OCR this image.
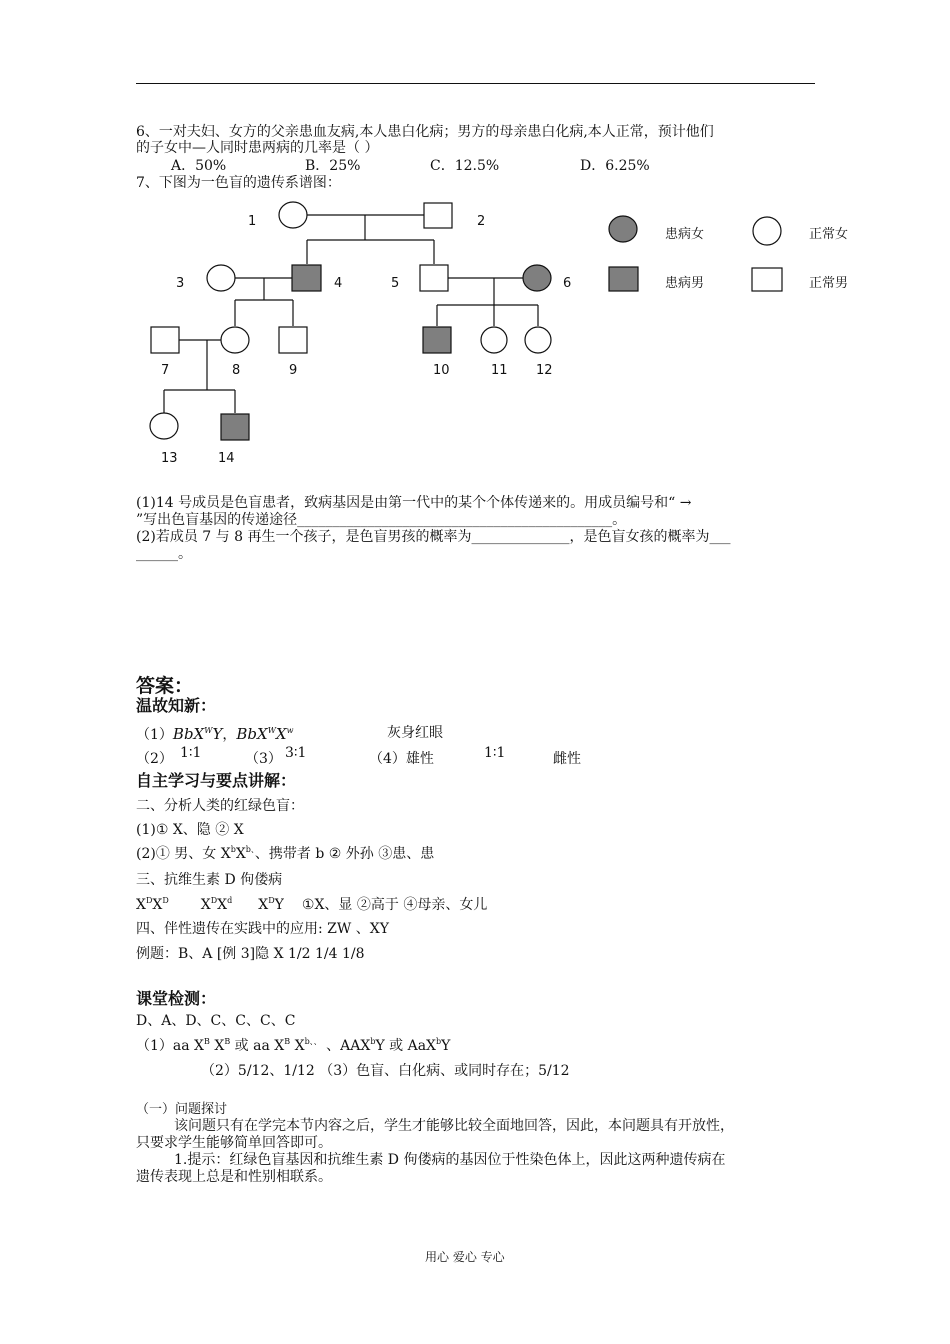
6、一对夫妇、女方的父亲患血友病,本人患白化病；男方的母亲患白化病,本人正常，预计他们
的子女中—人同时患两病的几率是（ ）
A．50%	B．25%	C．12.5%	D．6.25%
7、下图为一色盲的遗传系谱图：
1	2
3	4	5	6
7	8	9	10	11 12
13	14
患病女	正常女
患病男	正常男
(1)14 号成员是色盲患者，致病基因是由第一代中的某个个体传递来的。用成员编号和“ →
”写出色盲基因的传递途径_____________________________________________。
(2)若成员 7 与 8 再生一个孩子，是色盲男孩的概率为______________，是色盲女孩的概率为___
______。
答案：
温故知新：
（1）BbX$^W$Y，$BbX^WX^w$	灰身红眼
（2） 1∶1	（3） 3∶1	（4）雄性	1∶1	雌性
自主学习与要点讲解：
二、分析人类的红绿色盲：
(1)① X、隐 ② X
(2)① 男、女 $X^bX^{b、}$、携带者 b ② 外孙 ③患、患
三、抗维生素 D 佝偻病
$X^DX^D$ $X^DX^d$ $X^DY$ ①X、显 ②高于 ④母亲、女儿
四、伴性遗传在实践中的应用: ZW 、XY
例题：B、A [例 3]隐 X 1/2 1/4 1/8
课堂检测：
D、A、D、C、C、C、C
（1）aa $X^B$ $X^B$ 或 aa $X^B$ $X^{b、、}$ 、AAX$^b$Y 或 AaX$^b$Y
（2）5/12、1/12 （3）色盲、白化病、或同时存在；5/12
（一）问题探讨
该问题只有在学完本节内容之后，学生才能够比较全面地回答，因此，本问题具有开放性，
只要求学生能够简单回答即可。
1.提示：红绿色盲基因和抗维生素 D 佝偻病的基因位于性染色体上，因此这两种遗传病在
遗传表现上总是和性别相联系。
用心 爱心 专心
